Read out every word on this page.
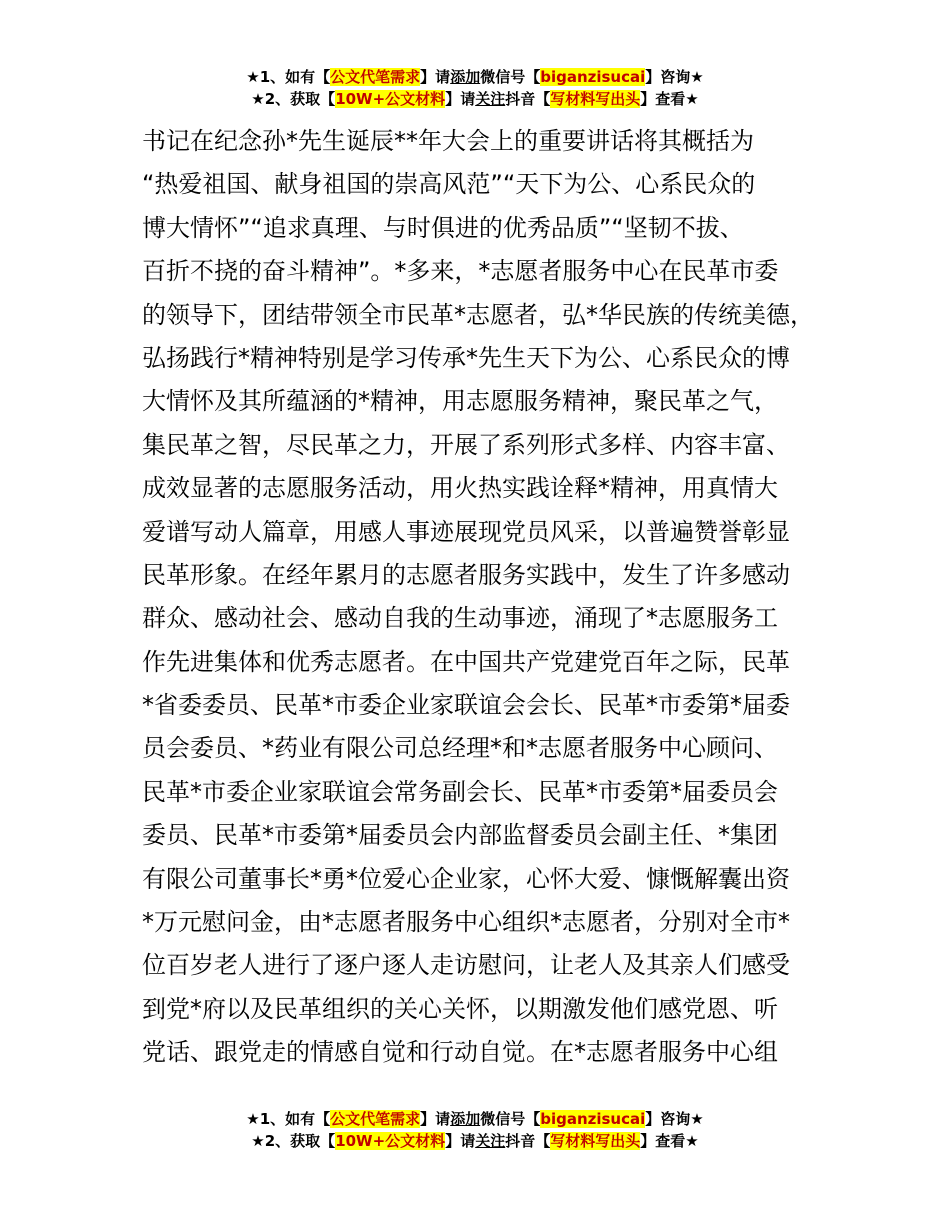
★1、如有【公文代笔需求】请添加微信号【biganzisucai】咨询★
★2、获取【10W+公文材料】请关注抖音【写材料写出头】查看★
书记在纪念孙*先生诞辰**年大会上的重要讲话将其概括为
“热爱祖国、献身祖国的崇高风范”“天下为公、心系民众的
博大情怀”“追求真理、与时俱进的优秀品质”“坚韧不拔、
百折不挠的奋斗精神”。*多来，*志愿者服务中心在民革市委
的领导下，团结带领全市民革*志愿者，弘*华民族的传统美德，
弘扬践行*精神特别是学习传承*先生天下为公、心系民众的博
大情怀及其所蕴涵的*精神，用志愿服务精神，聚民革之气，
集民革之智，尽民革之力，开展了系列形式多样、内容丰富、
成效显著的志愿服务活动，用火热实践诠释*精神，用真情大
爱谱写动人篇章，用感人事迹展现党员风采，以普遍赞誉彰显
民革形象。在经年累月的志愿者服务实践中，发生了许多感动
群众、感动社会、感动自我的生动事迹，涌现了*志愿服务工
作先进集体和优秀志愿者。在中国共产党建党百年之际，民革
*省委委员、民革*市委企业家联谊会会长、民革*市委第*届委
员会委员、*药业有限公司总经理*和*志愿者服务中心顾问、
民革*市委企业家联谊会常务副会长、民革*市委第*届委员会
委员、民革*市委第*届委员会内部监督委员会副主任、*集团
有限公司董事长*勇*位爱心企业家，心怀大爱、慷慨解囊出资
*万元慰问金，由*志愿者服务中心组织*志愿者，分别对全市*
位百岁老人进行了逐户逐人走访慰问，让老人及其亲人们感受
到党*府以及民革组织的关心关怀，以期激发他们感党恩、听
党话、跟党走的情感自觉和行动自觉。在*志愿者服务中心组
★1、如有【公文代笔需求】请添加微信号【biganzisucai】咨询★
★2、获取【10W+公文材料】请关注抖音【写材料写出头】查看★
